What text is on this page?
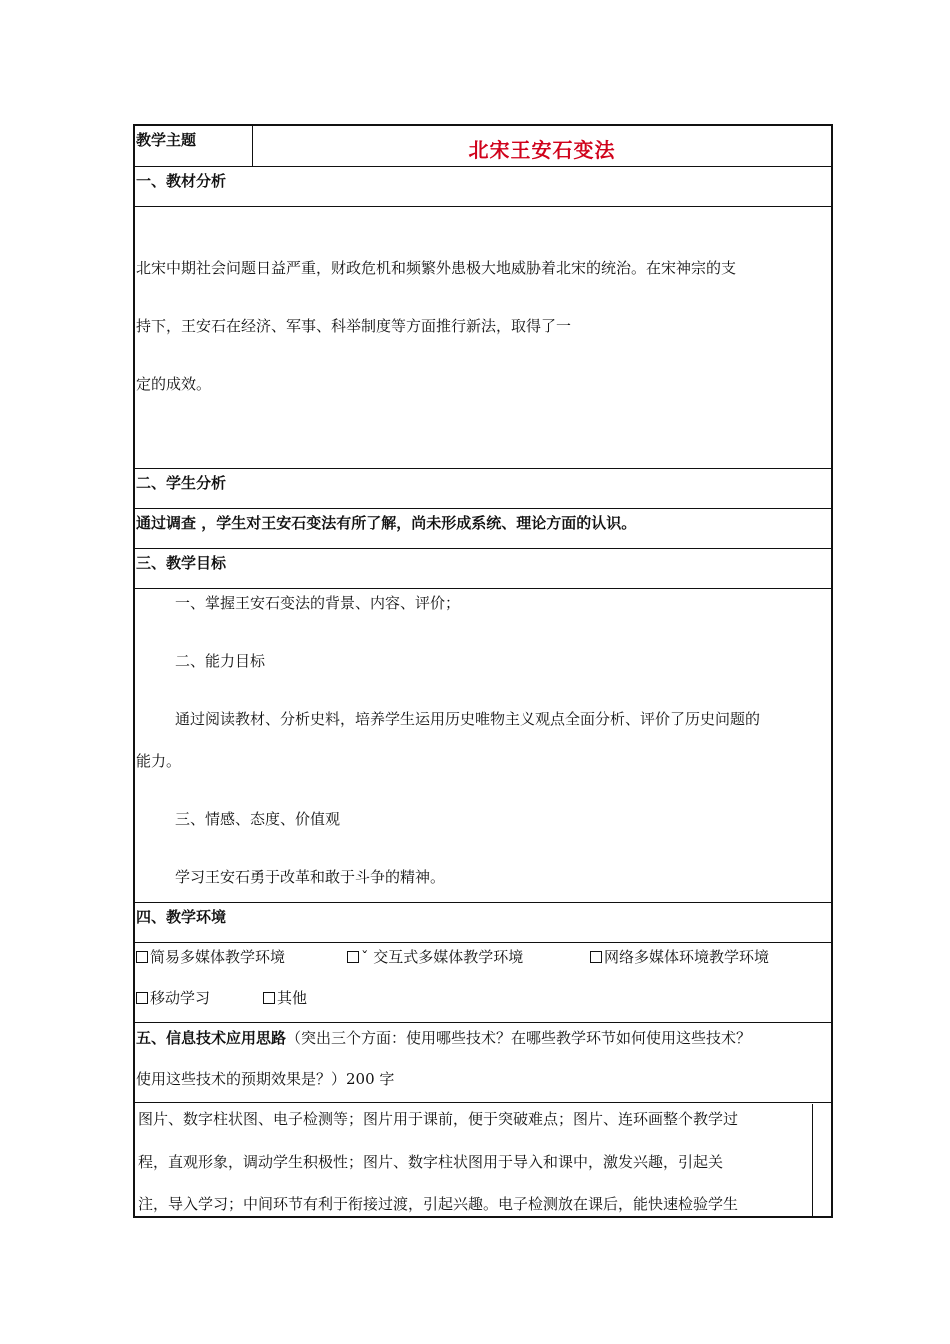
教学主题	北宋王安石变法
一、教材分析
北宋中期社会问题日益严重，财政危机和频繁外患极大地威胁着北宋的统治。在宋神宗的支
持下，王安石在经济、军事、科举制度等方面推行新法，取得了一
定的成效。
二、学生分析
通过调查 ，学生对王安石变法有所了解，尚未形成系统、理论方面的认识。
三、教学目标
一、掌握王安石变法的背景、内容、评价；
二、能力目标
通过阅读教材、分析史料，培养学生运用历史唯物主义观点全面分析、评价了历史问题的
能力。
三、情感、态度、价值观
学习王安石勇于改革和敢于斗争的精神。
四、教学环境
简易多媒体教学环境	ˇ 交互式多媒体教学环境	网络多媒体环境教学环境
移动学习	其他
五、信息技术应用思路（突出三个方面：使用哪些技术？在哪些教学环节如何使用这些技术？
使用这些技术的预期效果是？）200 字
图片、数字柱状图、电子检测等；图片用于课前，便于突破难点；图片、连环画整个教学过
程，直观形象，调动学生积极性；图片、数字柱状图用于导入和课中，激发兴趣，引起关
注，导入学习；中间环节有利于衔接过渡，引起兴趣。电子检测放在课后，能快速检验学生
